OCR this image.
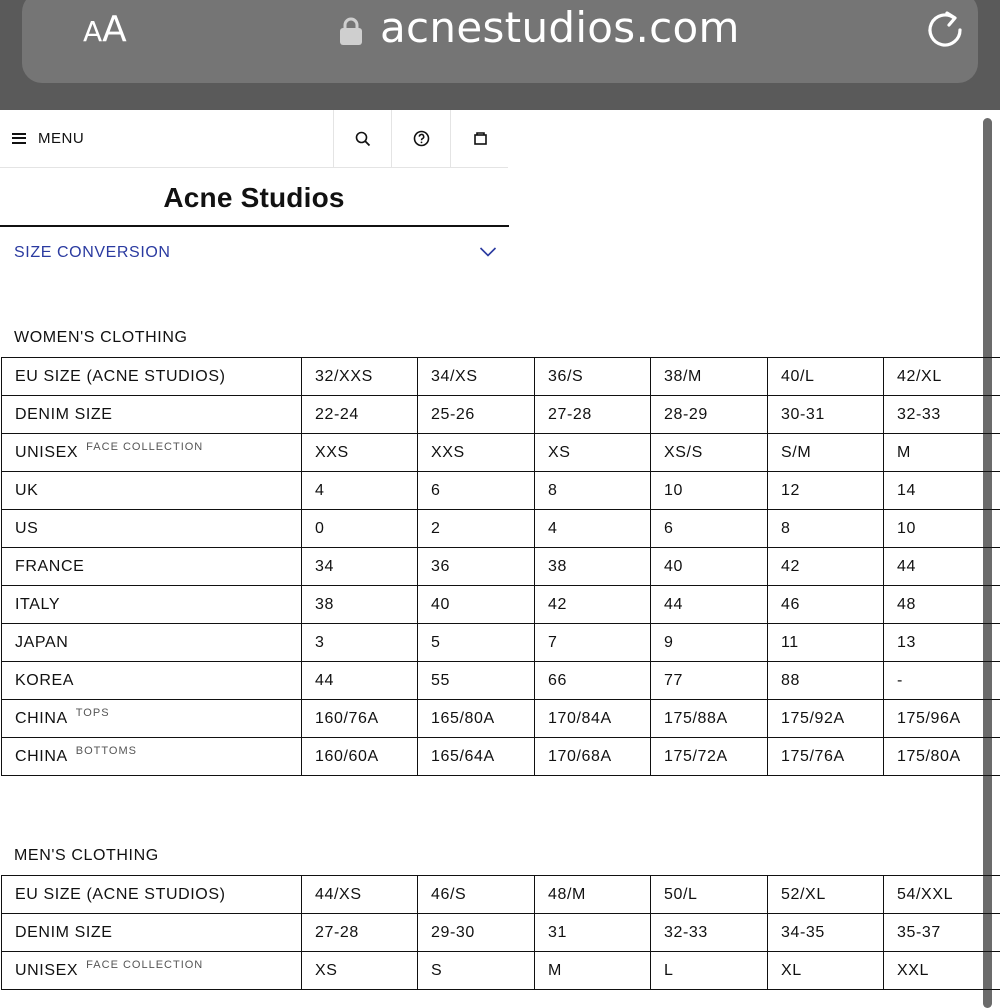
AA	acnestudios.com
MENU
Acne Studios
SIZE CONVERSION
WOMEN'S CLOTHING
EU SIZE (ACNE STUDIOS)	32/XXS	34/XS	36/S	38/M	40/L	42/XL
DENIM SIZE	22-24	25-26	27-28	28-29	30-31	32-33
UNISEX $^{FACE COLLECTION}$	XXS	XXS	XS	XS/S	S/M	M
UK	4	6	8	10	12	14
US	0	2	4	6	8	10
FRANCE	34	36	38	40	42	44
ITALY	38	40	42	44	46	48
JAPAN	3	5	7	9	11	13
KOREA	44	55	66	77	88	-
CHINA $^{TOPS}$	160/76A	165/80A	170/84A	175/88A	175/92A	175/96A
CHINA $^{BOTTOMS}$	160/60A	165/64A	170/68A	175/72A	175/76A	175/80A
MEN'S CLOTHING
EU SIZE (ACNE STUDIOS)	44/XS	46/S	48/M	50/L	52/XL	54/XXL
DENIM SIZE	27-28	29-30	31	32-33	34-35	35-37
UNISEX $^{FACE COLLECTION}$	XS	S	M	L	XL	XXL
